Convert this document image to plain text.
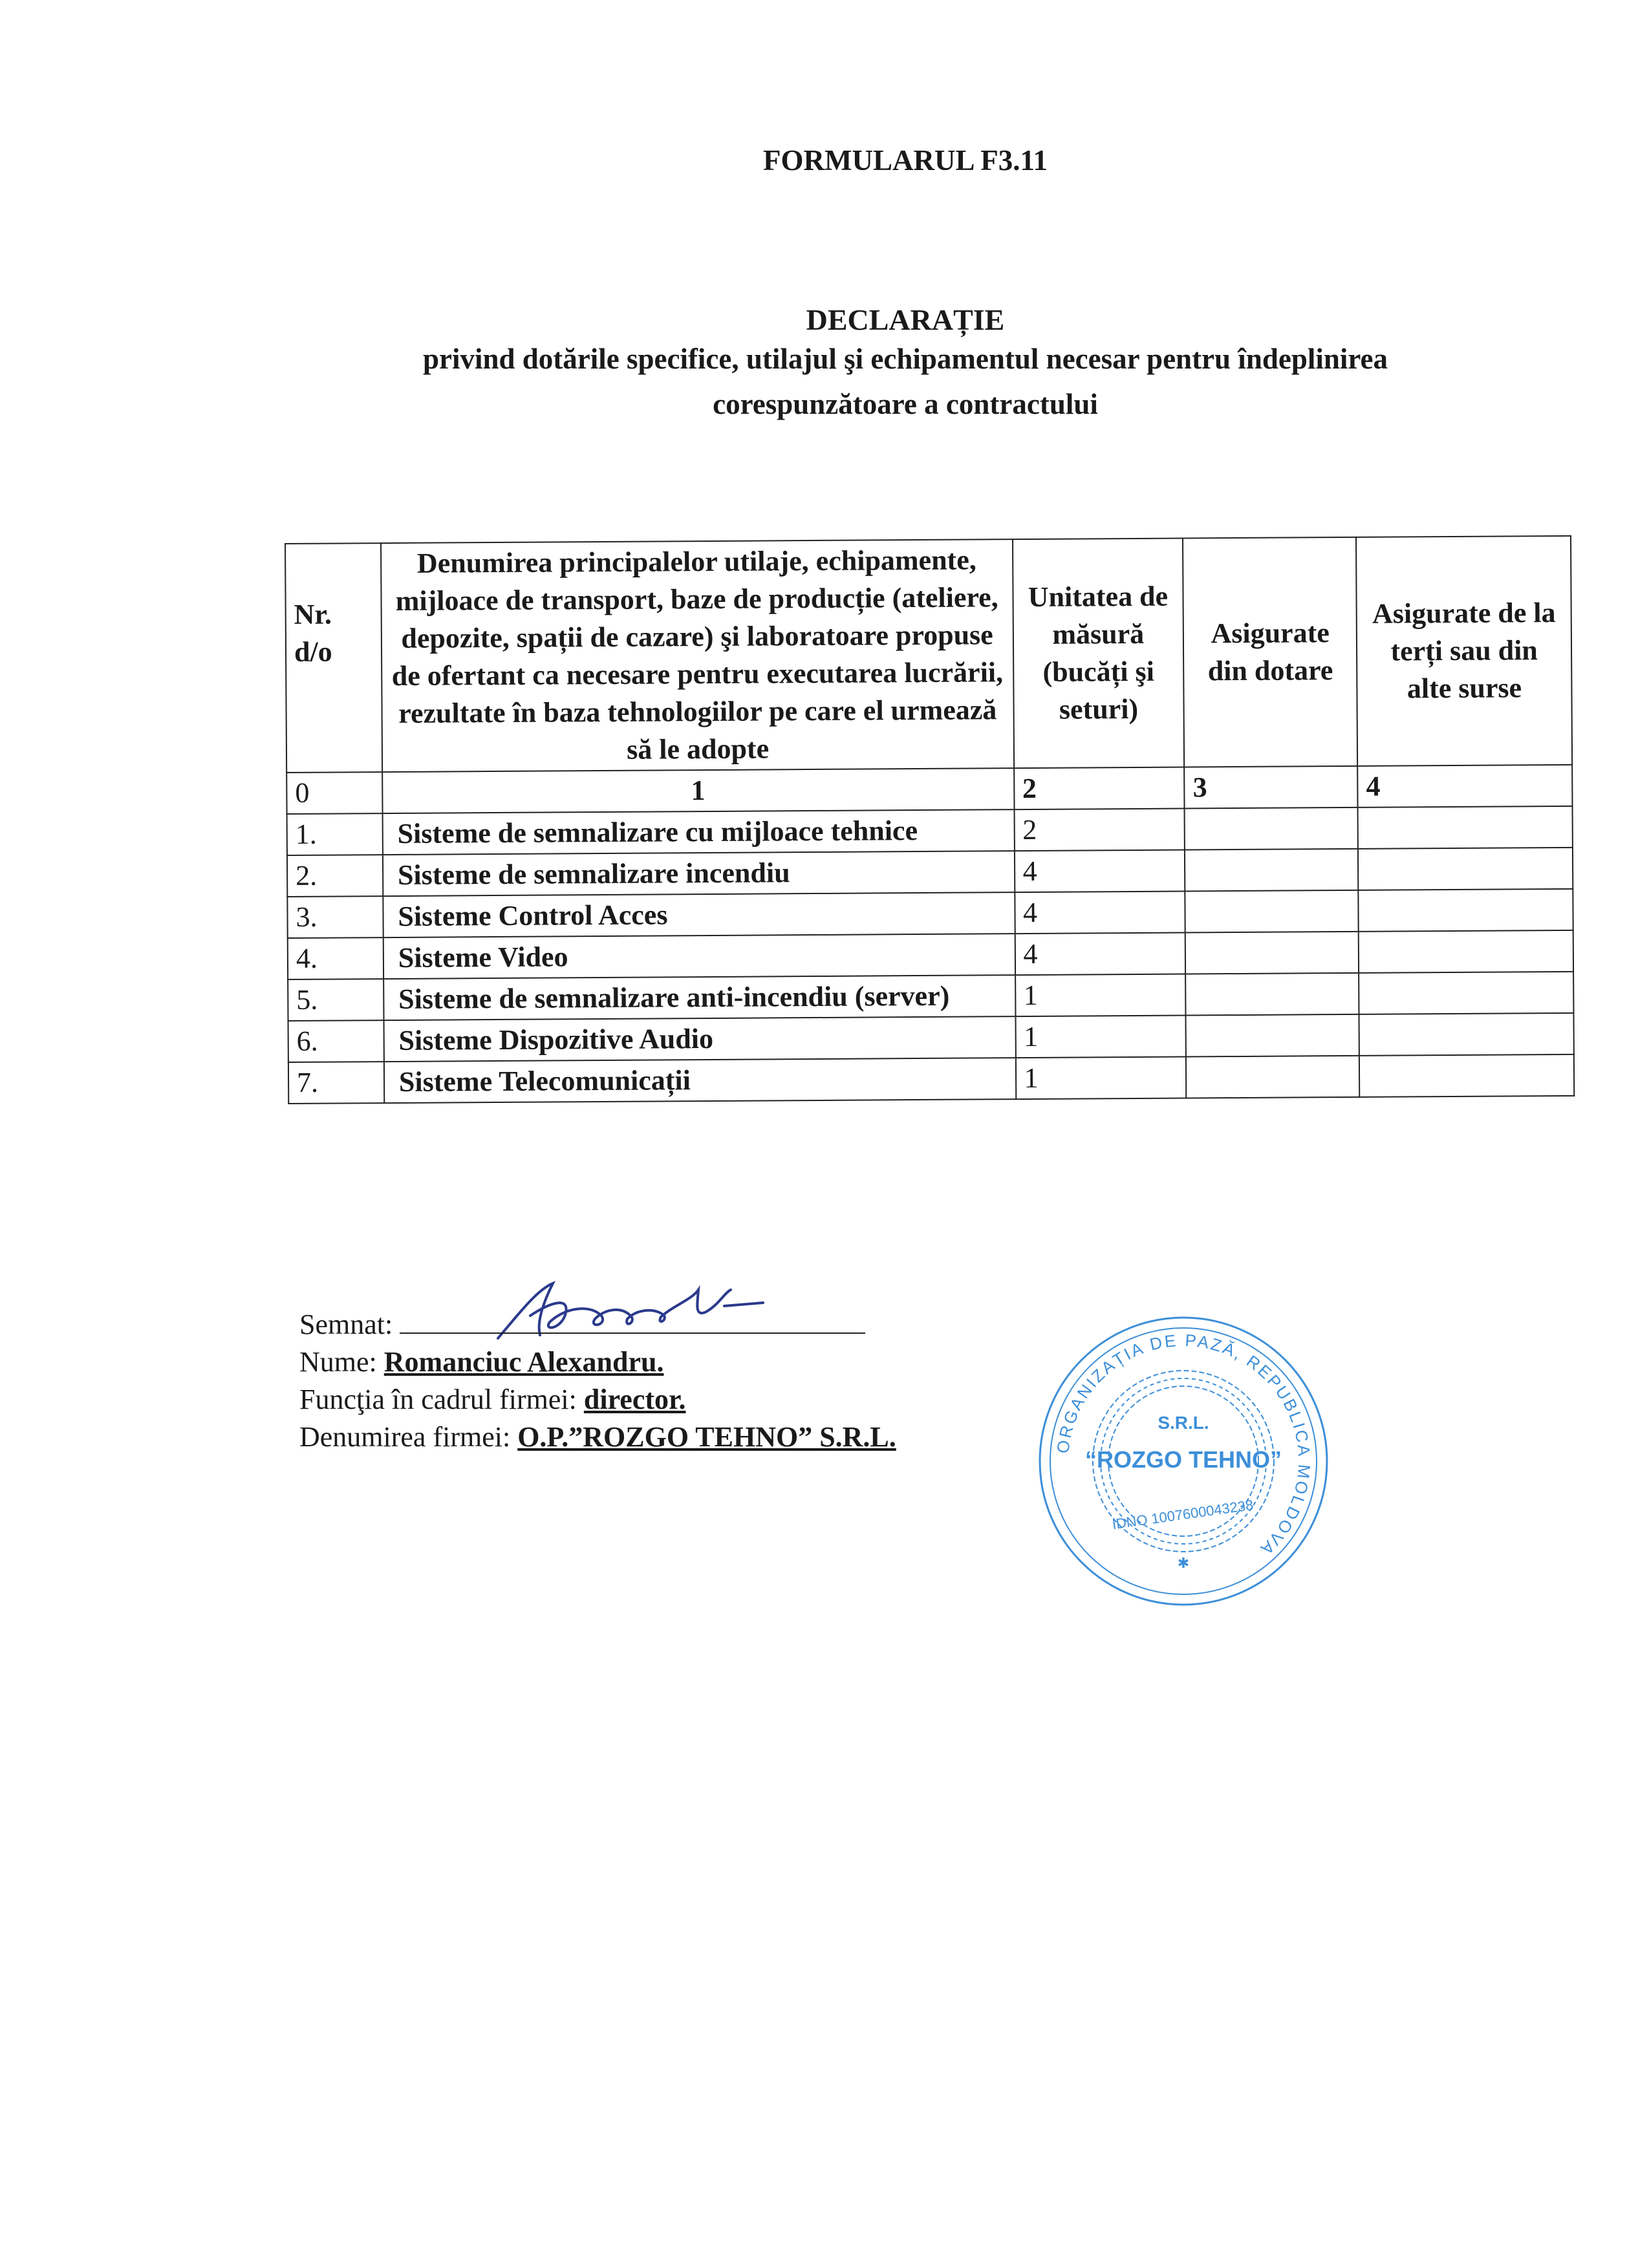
FORMULARUL F3.11
DECLARAȚIE
privind dotările specifice, utilajul şi echipamentul necesar pentru îndeplinirea
corespunzătoare a contractului
Nr. d/o	Denumirea principalelor utilaje, echipamente, mijloace de transport, baze de producție (ateliere, depozite, spații de cazare) şi laboratoare propuse de ofertant ca necesare pentru executarea lucrării, rezultate în baza tehnologiilor pe care el urmează să le adopte	Unitatea de măsură (bucăți şi seturi)	Asigurate din dotare	Asigurate de la terți sau din alte surse
0	1	2	3	4
1.	Sisteme de semnalizare cu mijloace tehnice	2		
2.	Sisteme de semnalizare incendiu	4		
3.	Sisteme Control Acces	4		
4.	Sisteme Video	4		
5.	Sisteme de semnalizare anti-incendiu (server)	1		
6.	Sisteme Dispozitive Audio	1		
7.	Sisteme Telecomunicații	1		
Semnat:
Nume: Romanciuc Alexandru.
Funcţia în cadrul firmei: director.
Denumirea firmei: O.P.”ROZGO TEHNO” S.R.L.	ORGANIZAȚIA DE PAZĂ, REPUBLICA MOLDOVA
S.R.L.
“ROZGO TEHNO”
IDNO 1007600043238
✱
